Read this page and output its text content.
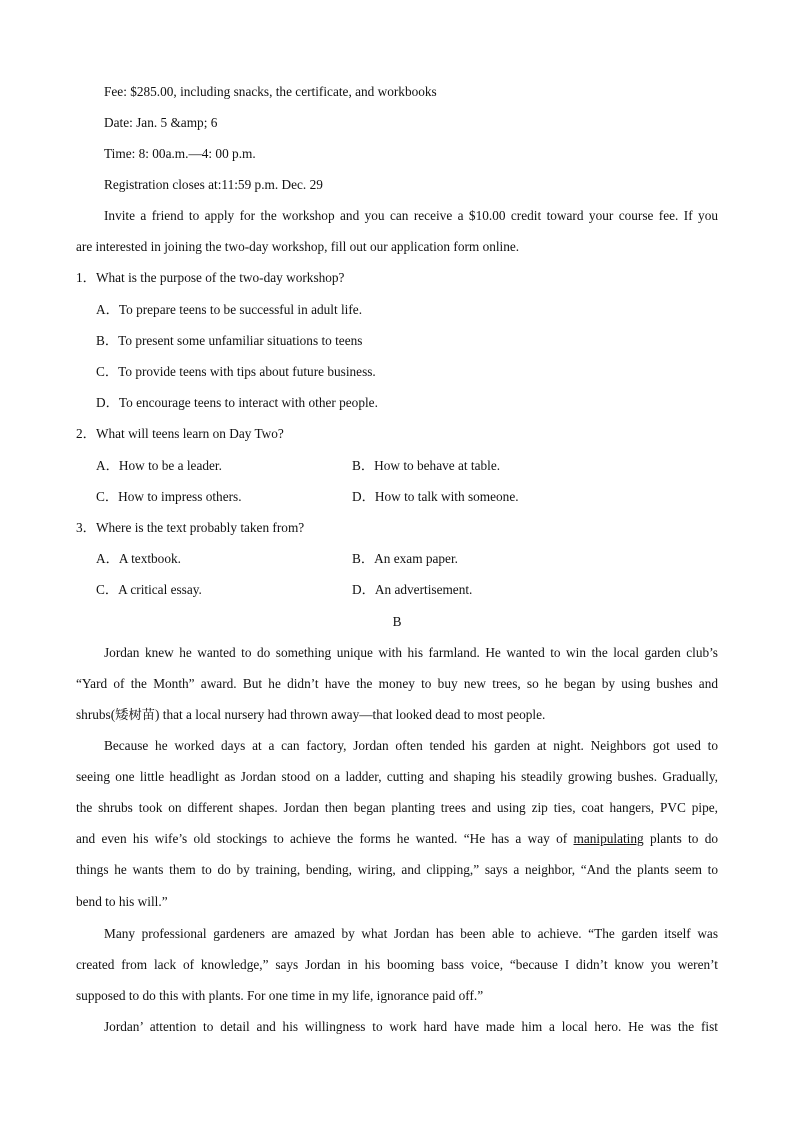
Fee: $285.00, including snacks, the certificate, and workbooks
Date: Jan. 5 &amp; 6
Time: 8: 00a.m.—4: 00 p.m.
Registration closes at:11:59 p.m. Dec. 29
Invite a friend to apply for the workshop and you can receive a $10.00 credit toward your course fee. If you
are interested in joining the two-day workshop, fill out our application form online.
1．What is the purpose of the two-day workshop?
A．To prepare teens to be successful in adult life.
B．To present some unfamiliar situations to teens
C．To provide teens with tips about future business.
D．To encourage teens to interact with other people.
2．What will teens learn on Day Two?
A．How to be a leader.	B．How to behave at table.
C．How to impress others.	D．How to talk with someone.
3．Where is the text probably taken from?
A．A textbook.	B．An exam paper.
C．A critical essay.	D．An advertisement.
B
Jordan knew he wanted to do something unique with his farmland. He wanted to win the local garden club’s
“Yard of the Month” award. But he didn’t have the money to buy new trees, so he began by using bushes and
shrubs(矮树苗) that a local nursery had thrown away—that looked dead to most people.
Because he worked days at a can factory, Jordan often tended his garden at night. Neighbors got used to
seeing one little headlight as Jordan stood on a ladder, cutting and shaping his steadily growing bushes. Gradually,
the shrubs took on different shapes. Jordan then began planting trees and using zip ties, coat hangers, PVC pipe,
and even his wife’s old stockings to achieve the forms he wanted. “He has a way of manipulating plants to do
things he wants them to do by training, bending, wiring, and clipping,” says a neighbor, “And the plants seem to
bend to his will.”
Many professional gardeners are amazed by what Jordan has been able to achieve. “The garden itself was
created from lack of knowledge,” says Jordan in his booming bass voice, “because I didn’t know you weren’t
supposed to do this with plants. For one time in my life, ignorance paid off.”
Jordan’ attention to detail and his willingness to work hard have made him a local hero. He was the fist
